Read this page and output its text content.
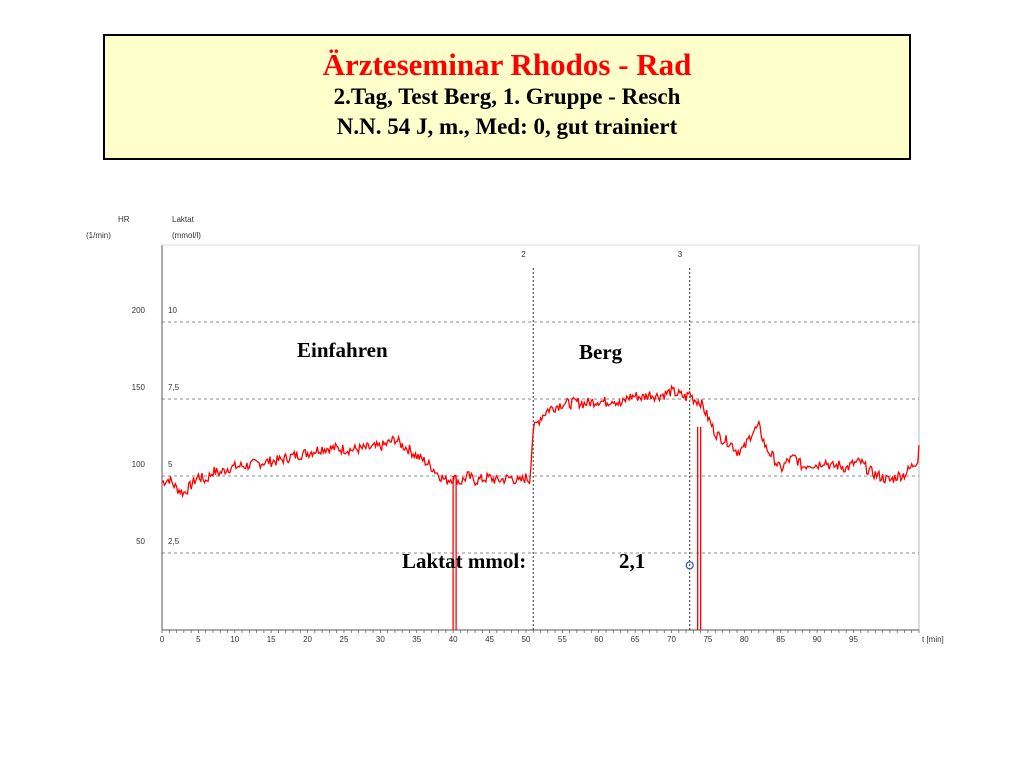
Ärzteseminar Rhodos - Rad
2.Tag, Test Berg, 1. Gruppe - Resch
N.N. 54 J, m., Med: 0, gut trainiert
HR
(1/min)
Laktat
(mmol/l)
t [min]
50	2,5
100	5
150	7,5
200	10
0	5	10	15	20	25	30	35	40	45	50	55	60	65	70	75	80	85	90	95
2	3
Einfahren	Berg
Laktat mmol:	2,1
